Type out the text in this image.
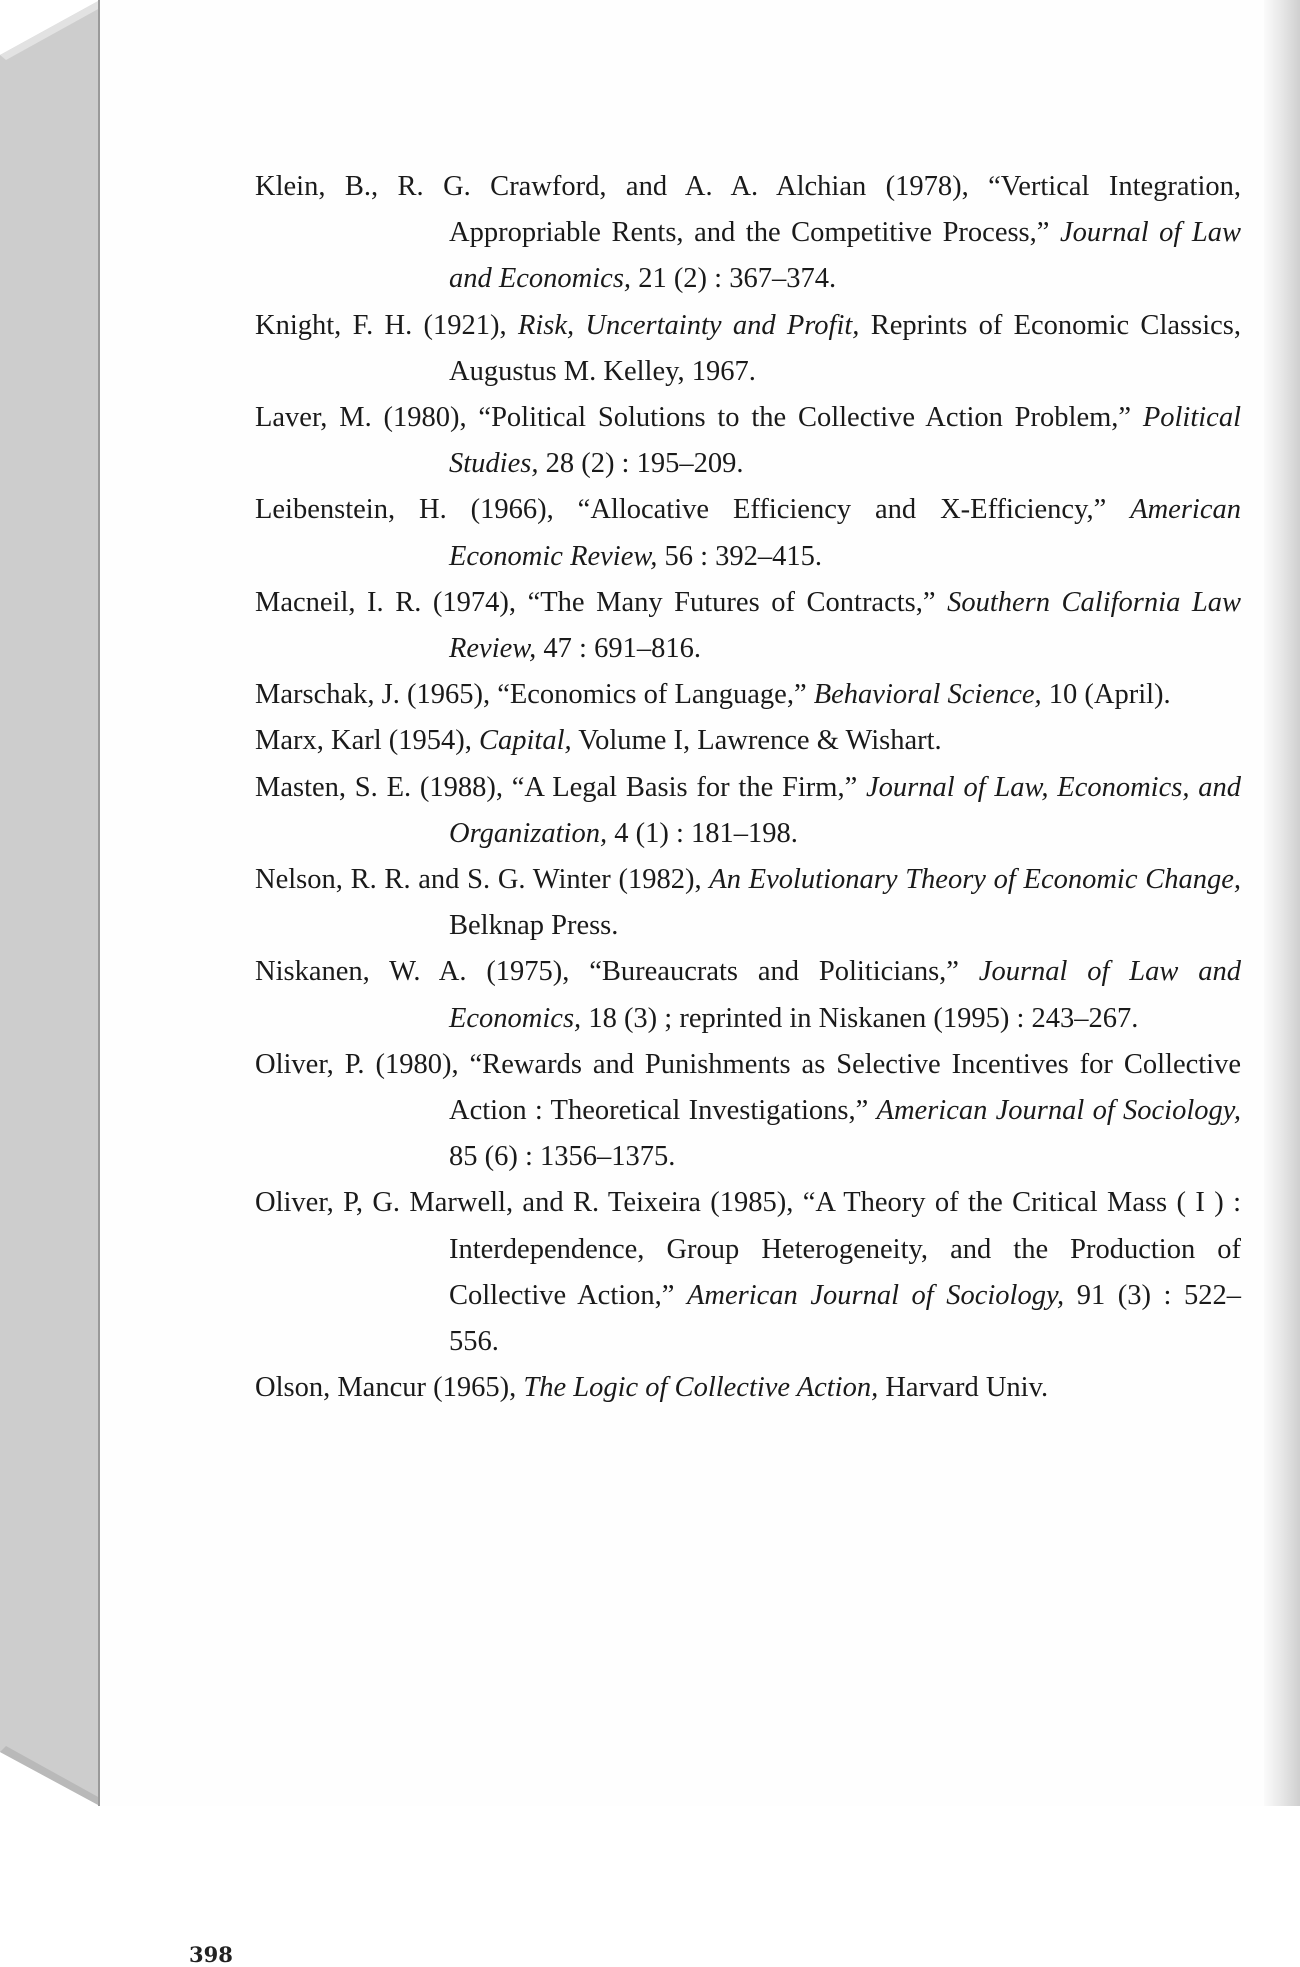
Klein, B., R. G. Crawford, and A. A. Alchian (1978), “Vertical Integration, Appropriable Rents, and the Competitive Process,” Journal of Law and Economics, 21 (2) : 367–374.
Knight, F. H. (1921), Risk, Uncertainty and Profit, Reprints of Economic Classics, Augustus M. Kelley, 1967.
Laver, M. (1980), “Political Solutions to the Collective Action Problem,” Political Studies, 28 (2) : 195–209.
Leibenstein, H. (1966), “Allocative Efficiency and X-Efficiency,” American Economic Review, 56 : 392–415.
Macneil, I. R. (1974), “The Many Futures of Contracts,” Southern California Law Review, 47 : 691–816.
Marschak, J. (1965), “Economics of Language,” Behavioral Science, 10 (April).
Marx, Karl (1954), Capital, Volume I, Lawrence & Wishart.
Masten, S. E. (1988), “A Legal Basis for the Firm,” Journal of Law, Economics, and Organization, 4 (1) : 181–198.
Nelson, R. R. and S. G. Winter (1982), An Evolutionary Theory of Economic Change, Belknap Press.
Niskanen, W. A. (1975), “Bureaucrats and Politicians,” Journal of Law and Economics, 18 (3) ; reprinted in Niskanen (1995) : 243–267.
Oliver, P. (1980), “Rewards and Punishments as Selective Incentives for Collective Action : Theoretical Investigations,” American Journal of Sociology, 85 (6) : 1356–1375.
Oliver, P, G. Marwell, and R. Teixeira (1985), “A Theory of the Critical Mass ( I ) : Interdependence, Group Heterogeneity, and the Production of Collective Action,” American Journal of Sociology, 91 (3) : 522–556.
Olson, Mancur (1965), The Logic of Collective Action, Harvard Univ.
398
